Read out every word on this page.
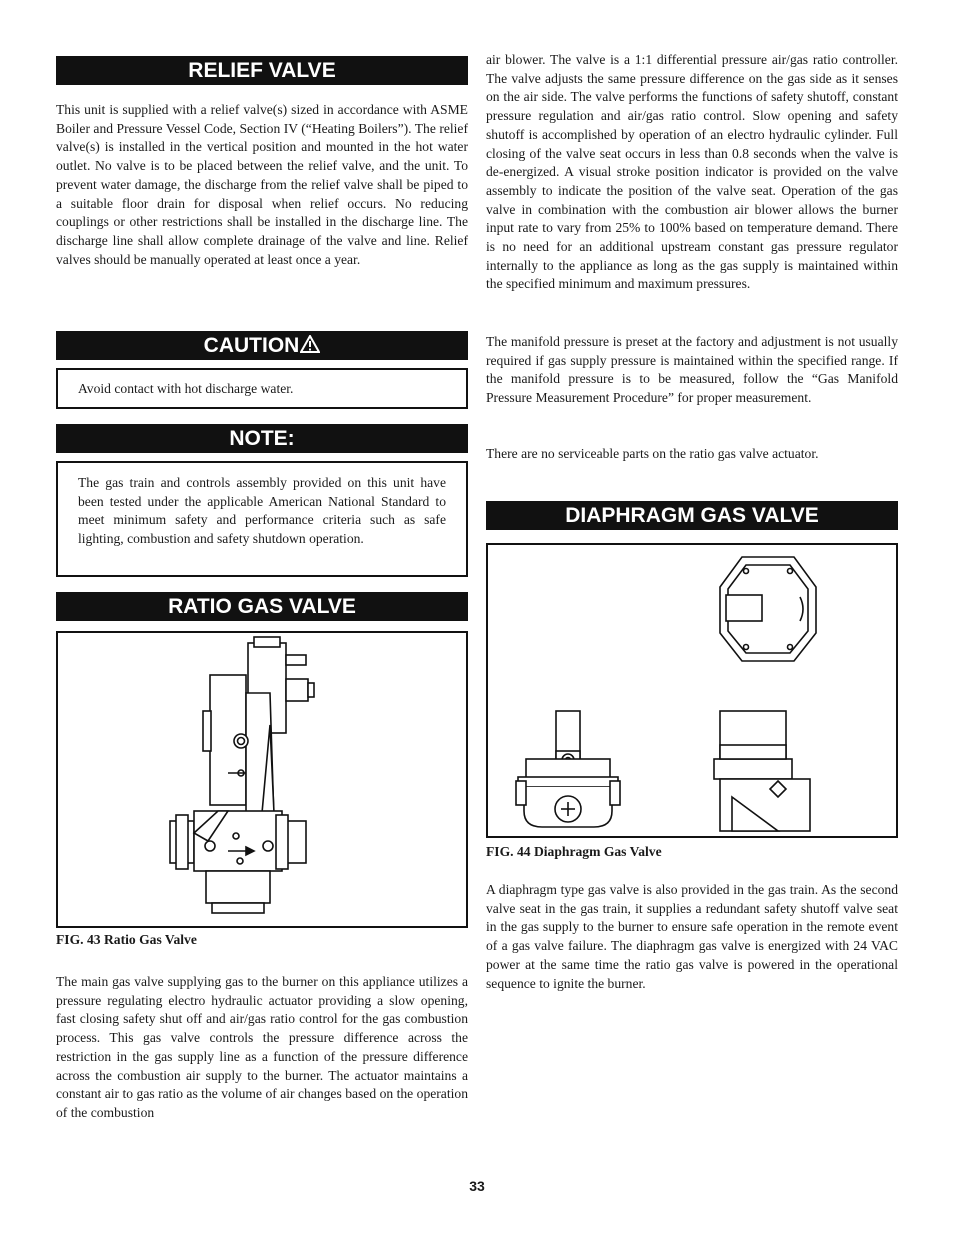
RELIEF VALVE

This unit is supplied with a relief valve(s) sized in accordance with ASME Boiler and Pressure Vessel Code, Section IV (“Heating Boilers”). The relief valve(s) is installed in the vertical position and mounted in the hot water outlet. No valve is to be placed between the relief valve, and the unit. To prevent water damage, the discharge from the relief valve shall be piped to a suitable floor drain for disposal when relief occurs. No reducing couplings or other restrictions shall be installed in the discharge line. The discharge line shall allow complete drainage of the valve and line. Relief valves should be manually operated at least once a year.

CAUTION

Avoid contact with hot discharge water.

NOTE:

The gas train and controls assembly provided on this unit have been tested under the applicable American National Standard to meet minimum safety and performance criteria such as safe lighting, combustion and safety shutdown operation.

RATIO GAS VALVE
FIG. 43 Ratio Gas Valve

The main gas valve supplying gas to the burner on this appliance utilizes a pressure regulating electro hydraulic actuator providing a slow opening, fast closing safety shut off and air/gas ratio control for the gas combustion process. This gas valve controls the pressure difference across the restriction in the gas supply line as a function of the pressure difference across the combustion air supply to the burner. The actuator maintains a constant air to gas ratio as the volume of air changes based on the operation of the combustion

air blower. The valve is a 1:1 differential pressure air/gas ratio controller. The valve adjusts the same pressure difference on the gas side as it senses on the air side. The valve performs the functions of safety shutoff, constant pressure regulation and air/gas ratio control. Slow opening and safety shutoff is accomplished by operation of an electro hydraulic cylinder. Full closing of the valve seat occurs in less than 0.8 seconds when the valve is de-energized. A visual stroke position indicator is provided on the valve assembly to indicate the position of the valve seat. Operation of the gas valve in combination with the combustion air blower allows the burner input rate to vary from 25% to 100% based on temperature demand. There is no need for an additional upstream constant gas pressure regulator internally to the appliance as long as the gas supply is maintained within the specified minimum and maximum pressures.

The manifold pressure is preset at the factory and adjustment is not usually required if gas supply pressure is maintained within the specified range. If the manifold pressure is to be measured, follow the “Gas Manifold Pressure Measurement Procedure” for proper measurement.

There are no serviceable parts on the ratio gas valve actuator.

DIAPHRAGM GAS VALVE
FIG. 44 Diaphragm Gas Valve

A diaphragm type gas valve is also provided in the gas train. As the second valve seat in the gas train, it supplies a redundant safety shutoff valve seat in the gas supply to the burner to ensure safe operation in the remote event of a gas valve failure. The diaphragm gas valve is energized with 24 VAC power at the same time the ratio gas valve is powered in the operational sequence to ignite the burner.

33
